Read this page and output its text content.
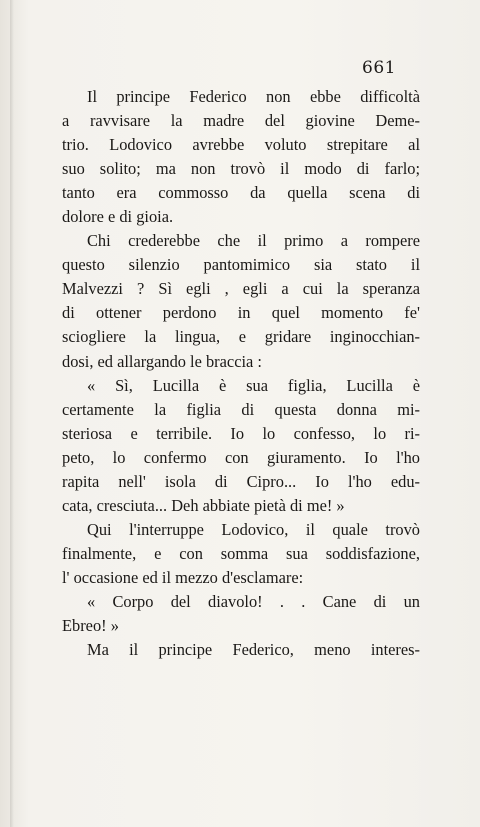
661
Il principe Federico non ebbe difficoltà
a ravvisare la madre del giovine Deme-
trio. Lodovico avrebbe voluto strepitare al
suo solito; ma non trovò il modo di farlo;
tanto era commosso da quella scena di
dolore e di gioia.
Chi crederebbe che il primo a rompere
questo silenzio pantomimico sia stato il
Malvezzi ? Sì egli , egli a cui la speranza
di ottener perdono in quel momento fe'
sciogliere la lingua, e gridare inginocchian-
dosi, ed allargando le braccia :
« Sì, Lucilla è sua figlia, Lucilla è
certamente la figlia di questa donna mi-
steriosa e terribile. Io lo confesso, lo ri-
peto, lo confermo con giuramento. Io l'ho
rapita nell' isola di Cipro... Io l'ho edu-
cata, cresciuta... Deh abbiate pietà di me! »
Qui l'interruppe Lodovico, il quale trovò
finalmente, e con somma sua soddisfazione,
l' occasione ed il mezzo d'esclamare:
« Corpo del diavolo! . . Cane di un
Ebreo! »
Ma il principe Federico, meno interes-
